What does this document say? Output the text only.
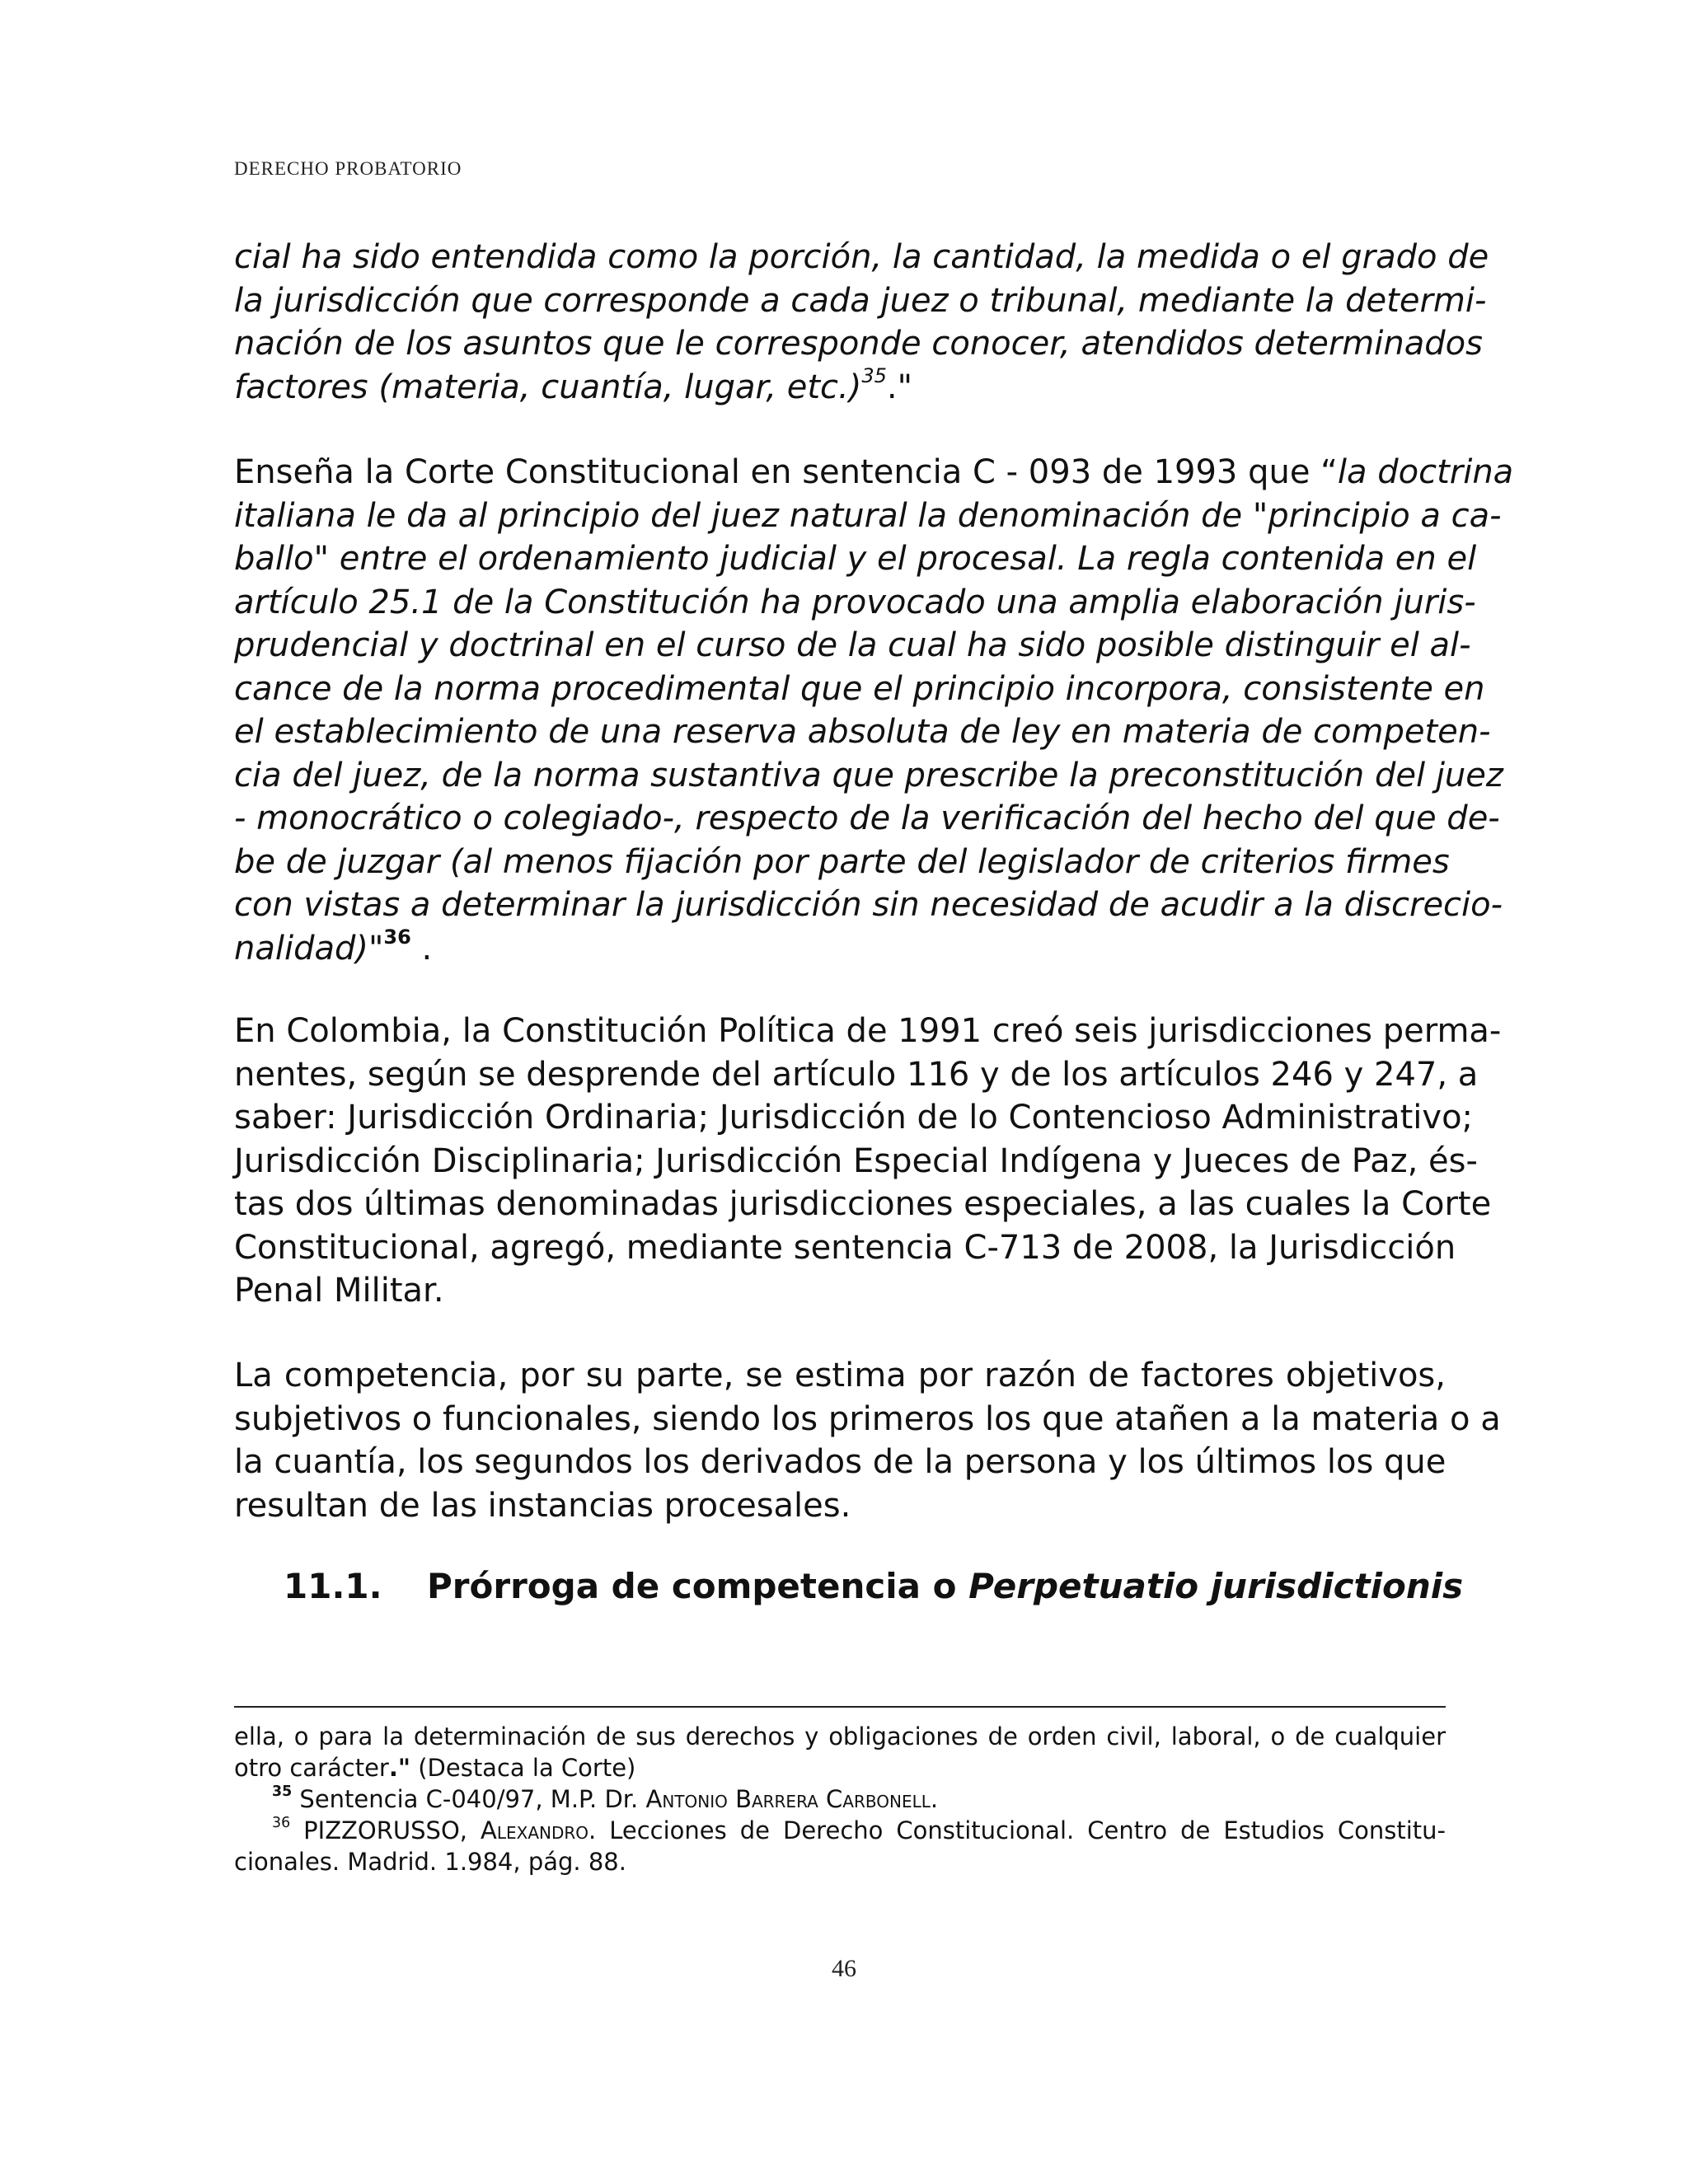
DERECHO PROBATORIO
cial ha sido entendida como la porción, la cantidad, la medida o el grado de
la jurisdicción que corresponde a cada juez o tribunal, mediante la determi-
nación de los asuntos que le corresponde conocer, atendidos determinados
factores (materia, cuantía, lugar, etc.)$^{35}$."
Enseña la Corte Constitucional en sentencia C - 093 de 1993 que “la doctrina
italiana le da al principio del juez natural la denominación de "principio a ca-
ballo" entre el ordenamiento judicial y el procesal. La regla contenida en el
artículo 25.1 de la Constitución ha provocado una amplia elaboración juris-
prudencial y doctrinal en el curso de la cual ha sido posible distinguir el al-
cance de la norma procedimental que el principio incorpora, consistente en
el establecimiento de una reserva absoluta de ley en materia de competen-
cia del juez, de la norma sustantiva que prescribe la preconstitución del juez
- monocrático o colegiado-, respecto de la verificación del hecho del que de-
be de juzgar (al menos fijación por parte del legislador de criterios firmes
con vistas a determinar la jurisdicción sin necesidad de acudir a la discrecio-
nalidad)"$^{36}$ .
En Colombia, la Constitución Política de 1991 creó seis jurisdicciones perma-
nentes, según se desprende del artículo 116 y de los artículos 246 y 247, a
saber: Jurisdicción Ordinaria; Jurisdicción de lo Contencioso Administrativo;
Jurisdicción Disciplinaria; Jurisdicción Especial Indígena y Jueces de Paz, és-
tas dos últimas denominadas jurisdicciones especiales, a las cuales la Corte
Constitucional, agregó, mediante sentencia C-713 de 2008, la Jurisdicción
Penal Militar.
La competencia, por su parte, se estima por razón de factores objetivos,
subjetivos o funcionales, siendo los primeros los que atañen a la materia o a
la cuantía, los segundos los derivados de la persona y los últimos los que
resultan de las instancias procesales.
11.1. Prórroga de competencia o Perpetuatio jurisdictionis
ella, o para la determinación de sus derechos y obligaciones de orden civil, laboral, o de cualquier
otro carácter." (Destaca la Corte)
$^{35}$ Sentencia C-040/97, M.P. Dr. Antonio Barrera Carbonell.
$^{36}$ PIZZORUSSO, Alexandro. Lecciones de Derecho Constitucional. Centro de Estudios Constitu-
cionales. Madrid. 1.984, pág. 88.
46
